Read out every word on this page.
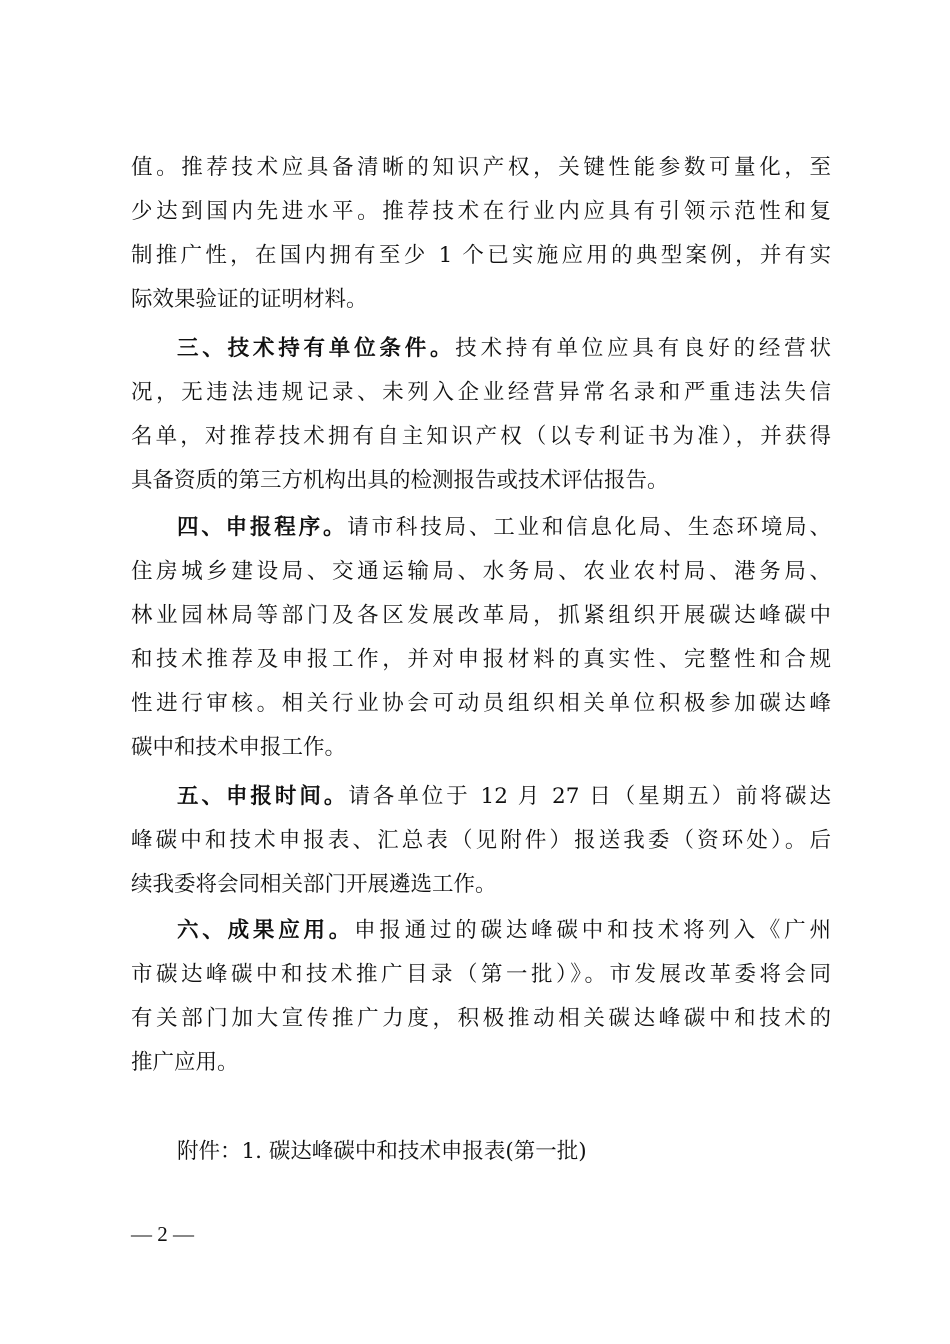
值。推荐技术应具备清晰的知识产权，关键性能参数可量化，至
少达到国内先进水平。推荐技术在行业内应具有引领示范性和复
制推广性，在国内拥有至少 1 个已实施应用的典型案例，并有实
际效果验证的证明材料。
三、技术持有单位条件。技术持有单位应具有良好的经营状
况，无违法违规记录、未列入企业经营异常名录和严重违法失信
名单，对推荐技术拥有自主知识产权（以专利证书为准），并获得
具备资质的第三方机构出具的检测报告或技术评估报告。
四、申报程序。请市科技局、工业和信息化局、生态环境局、
住房城乡建设局、交通运输局、水务局、农业农村局、港务局、
林业园林局等部门及各区发展改革局，抓紧组织开展碳达峰碳中
和技术推荐及申报工作，并对申报材料的真实性、完整性和合规
性进行审核。相关行业协会可动员组织相关单位积极参加碳达峰
碳中和技术申报工作。
五、申报时间。请各单位于 12 月 27 日（星期五）前将碳达
峰碳中和技术申报表、汇总表（见附件）报送我委（资环处）。后
续我委将会同相关部门开展遴选工作。
六、成果应用。申报通过的碳达峰碳中和技术将列入《广州
市碳达峰碳中和技术推广目录（第一批）》。市发展改革委将会同
有关部门加大宣传推广力度，积极推动相关碳达峰碳中和技术的
推广应用。
附件：1. 碳达峰碳中和技术申报表(第一批)
— 2 —
